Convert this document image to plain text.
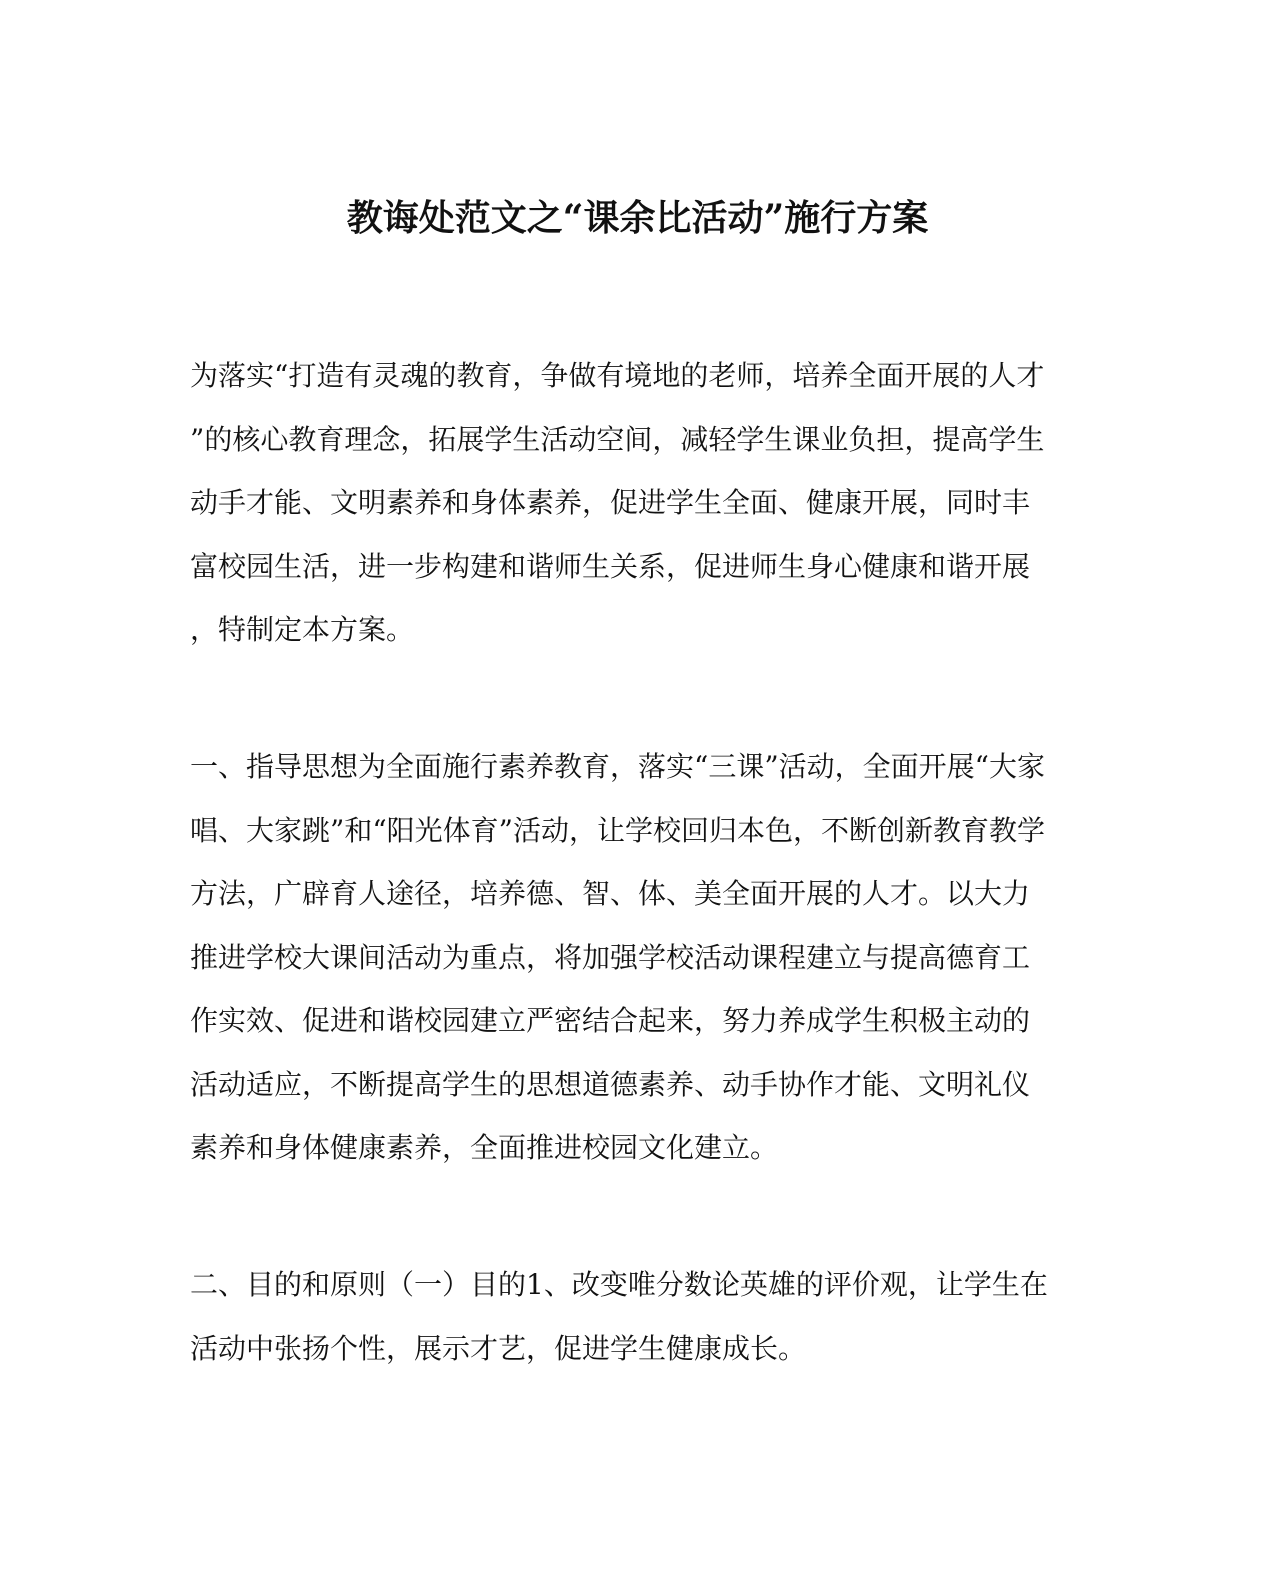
教诲处范文之“课余比活动”施行方案

为落实“打造有灵魂的教育，争做有境地的老师，培养全面开展的人才
”的核心教育理念，拓展学生活动空间，减轻学生课业负担，提高学生
动手才能、文明素养和身体素养，促进学生全面、健康开展，同时丰
富校园生活，进一步构建和谐师生关系，促进师生身心健康和谐开展
，特制定本方案。

一、指导思想为全面施行素养教育，落实“三课”活动，全面开展“大家
唱、大家跳”和“阳光体育”活动，让学校回归本色，不断创新教育教学
方法，广辟育人途径，培养德、智、体、美全面开展的人才。以大力
推进学校大课间活动为重点，将加强学校活动课程建立与提高德育工
作实效、促进和谐校园建立严密结合起来，努力养成学生积极主动的
活动适应，不断提高学生的思想道德素养、动手协作才能、文明礼仪
素养和身体健康素养，全面推进校园文化建立。

二、目的和原则（一）目的1、改变唯分数论英雄的评价观，让学生在
活动中张扬个性，展示才艺，促进学生健康成长。
